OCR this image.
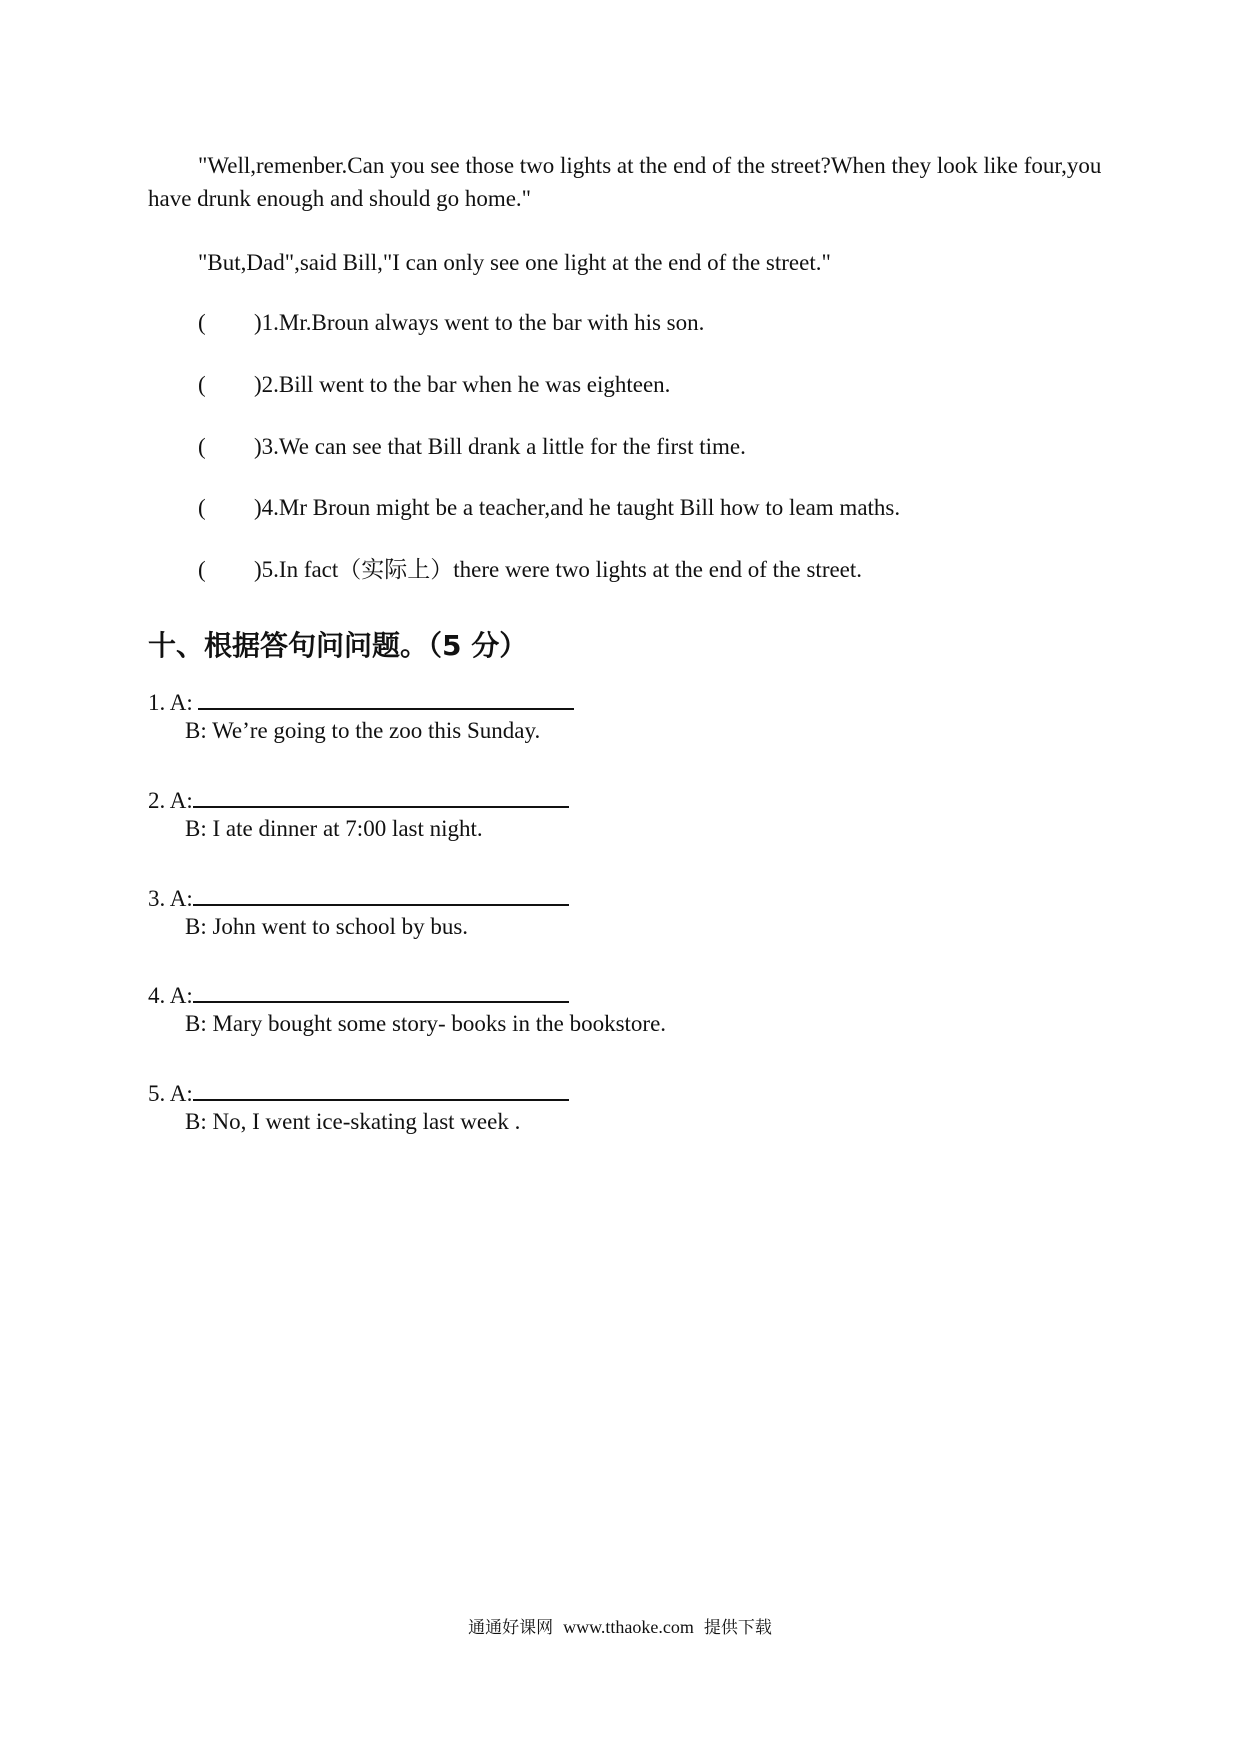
"Well,remenber.Can you see those two lights at the end of the street?When they look like four,you have drunk enough and should go home."

"But,Dad",said Bill,"I can only see one light at the end of the street."

( )1.Mr.Broun always went to the bar with his son.
( )2.Bill went to the bar when he was eighteen.
( )3.We can see that Bill drank a little for the first time.
( )4.Mr Broun might be a teacher,and he taught Bill how to leam maths.
( )5.In fact（实际上）there were two lights at the end of the street.
十、根据答句问问题。（5 分）
1. A:
B: We’re going to the zoo this Sunday.
2. A:
B: I ate dinner at 7:00 last night.
3. A:
B: John went to school by bus.
4. A:
B: Mary bought some story- books in the bookstore.
5. A:
B: No, I went ice-skating last week .
通通好课网 www.tthaoke.com 提供下载
